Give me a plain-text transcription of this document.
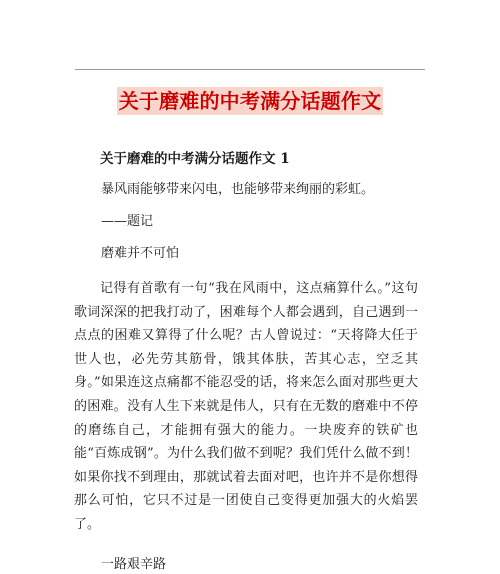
关于磨难的中考满分话题作文

关于磨难的中考满分话题作文 1

暴风雨能够带来闪电，也能够带来绚丽的彩虹。

——题记

磨难并不可怕

记得有首歌有一句“我在风雨中，这点痛算什么。”这句歌词深深的把我打动了，困难每个人都会遇到，自己遇到一点点的困难又算得了什么呢？古人曾说过：“天将降大任于世人也，必先劳其筋骨，饿其体肤，苦其心志，空乏其身。”如果连这点痛都不能忍受的话，将来怎么面对那些更大的困难。没有人生下来就是伟人，只有在无数的磨难中不停的磨练自己，才能拥有强大的能力。一块废弃的铁矿也能“百炼成钢”。为什么我们做不到呢？我们凭什么做不到！如果你找不到理由，那就试着去面对吧，也许并不是你想得那么可怕，它只不过是一团使自己变得更加强大的火焰罢了。

一路艰辛路
